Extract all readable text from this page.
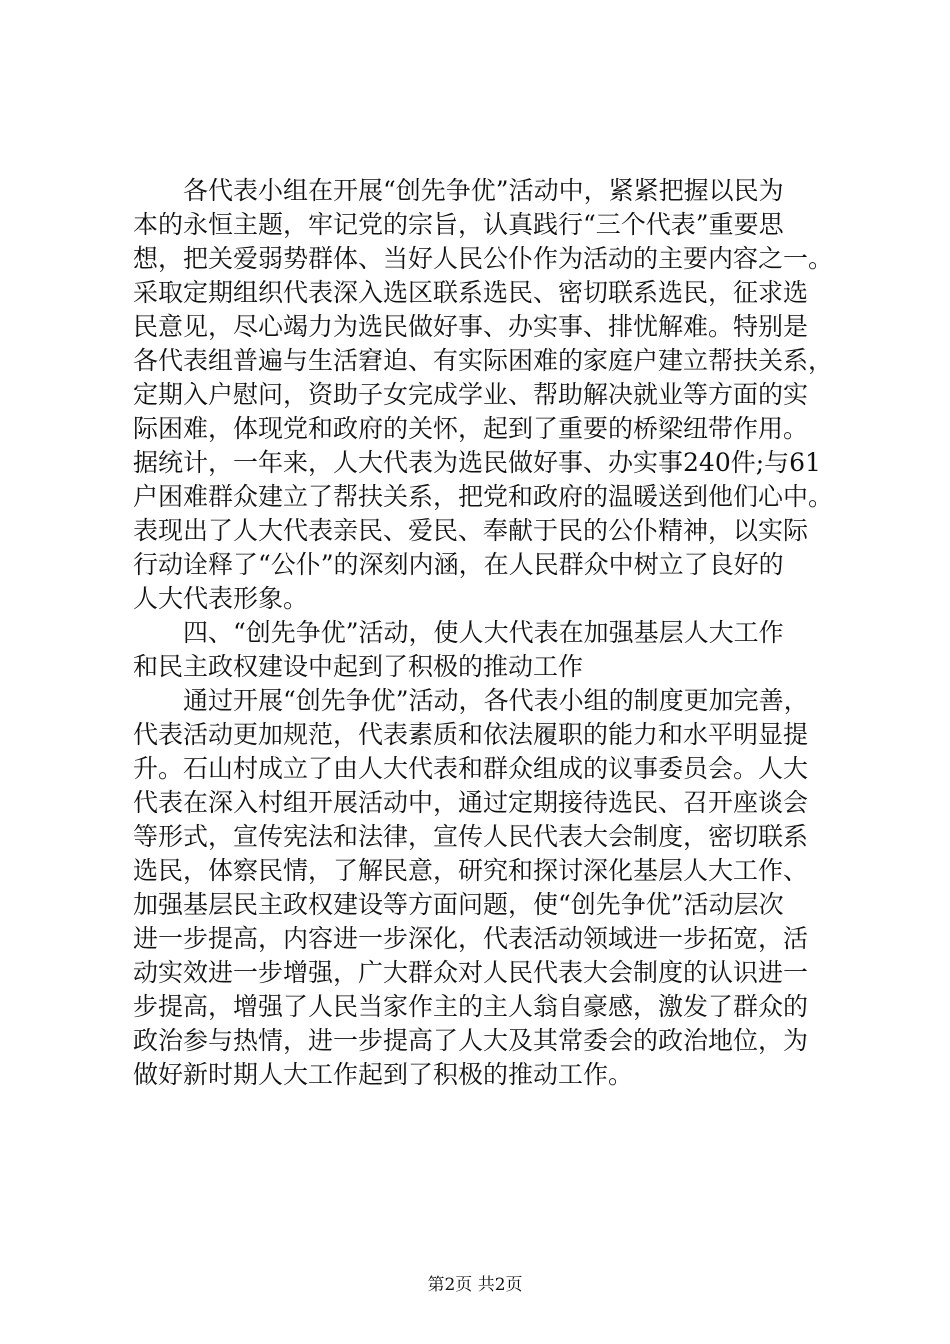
各代表小组在开展“创先争优”活动中，紧紧把握以民为
本的永恒主题，牢记党的宗旨，认真践行“三个代表”重要思
想，把关爱弱势群体、当好人民公仆作为活动的主要内容之一。
采取定期组织代表深入选区联系选民、密切联系选民，征求选
民意见，尽心竭力为选民做好事、办实事、排忧解难。特别是
各代表组普遍与生活窘迫、有实际困难的家庭户建立帮扶关系，
定期入户慰问，资助子女完成学业、帮助解决就业等方面的实
际困难，体现党和政府的关怀，起到了重要的桥梁纽带作用。
据统计，一年来，人大代表为选民做好事、办实事240件;与61
户困难群众建立了帮扶关系，把党和政府的温暖送到他们心中。
表现出了人大代表亲民、爱民、奉献于民的公仆精神，以实际
行动诠释了“公仆”的深刻内涵，在人民群众中树立了良好的
人大代表形象。
四、“创先争优”活动，使人大代表在加强基层人大工作
和民主政权建设中起到了积极的推动工作
通过开展“创先争优”活动，各代表小组的制度更加完善，
代表活动更加规范，代表素质和依法履职的能力和水平明显提
升。石山村成立了由人大代表和群众组成的议事委员会。人大
代表在深入村组开展活动中，通过定期接待选民、召开座谈会
等形式，宣传宪法和法律，宣传人民代表大会制度，密切联系
选民，体察民情，了解民意，研究和探讨深化基层人大工作、
加强基层民主政权建设等方面问题，使“创先争优”活动层次
进一步提高，内容进一步深化，代表活动领域进一步拓宽，活
动实效进一步增强，广大群众对人民代表大会制度的认识进一
步提高，增强了人民当家作主的主人翁自豪感，激发了群众的
政治参与热情，进一步提高了人大及其常委会的政治地位，为
做好新时期人大工作起到了积极的推动工作。
第2页 共2页
